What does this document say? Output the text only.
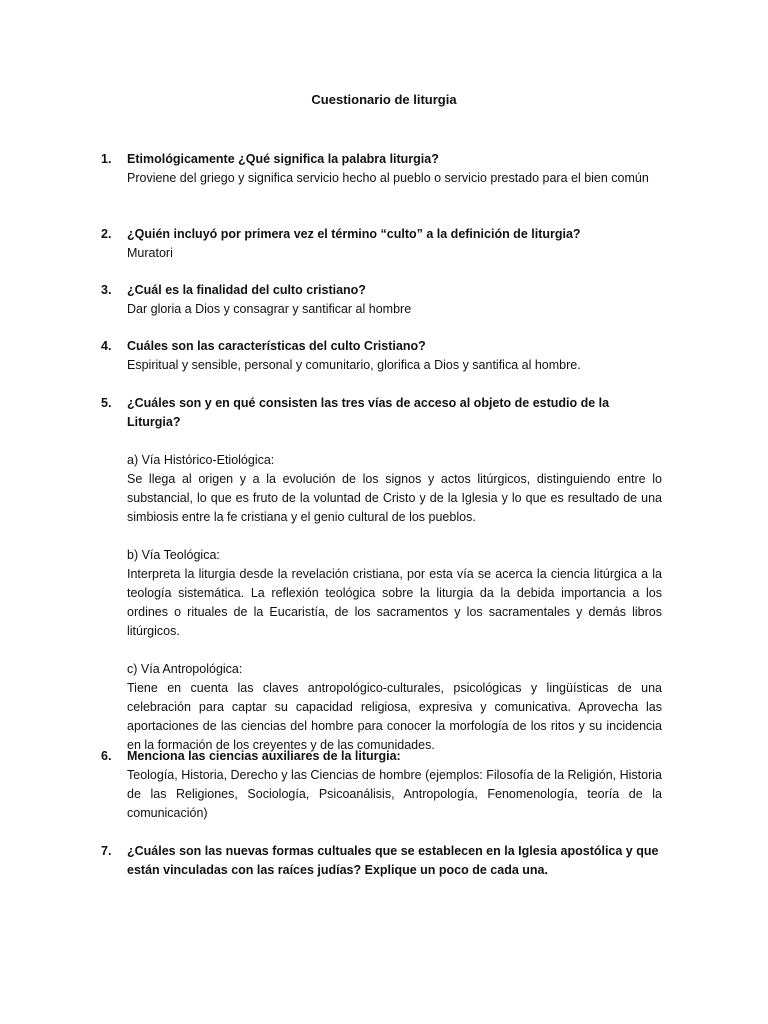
Cuestionario de liturgia
1. Etimológicamente ¿Qué significa la palabra liturgia?
Proviene del griego y significa servicio hecho al pueblo o servicio prestado para el bien común
2. ¿Quién incluyó por primera vez el término “culto” a la definición de liturgia?
Muratori
3. ¿Cuál es la finalidad del culto cristiano?
Dar gloria a Dios y consagrar y santificar al hombre
4. Cuáles son las características del culto Cristiano?
Espiritual y sensible, personal y comunitario, glorifica a Dios y santifica al hombre.
5. ¿Cuáles son y en qué consisten las tres vías de acceso al objeto de estudio de la Liturgia?
a) Vía Histórico-Etiológica:
Se llega al origen y a la evolución de los signos y actos litúrgicos, distinguiendo entre lo substancial, lo que es fruto de la voluntad de Cristo y de la Iglesia y lo que es resultado de una simbiosis entre la fe cristiana y el genio cultural de los pueblos.
b) Vía Teológica:
Interpreta la liturgia desde la revelación cristiana, por esta vía se acerca la ciencia litúrgica a la teología sistemática. La reflexión teológica sobre la liturgia da la debida importancia a los ordines o rituales de la Eucaristía, de los sacramentos y los sacramentales y demás libros litúrgicos.
c) Vía Antropológica:
Tiene en cuenta las claves antropológico-culturales, psicológicas y lingüísticas de una celebración para captar su capacidad religiosa, expresiva y comunicativa. Aprovecha las aportaciones de las ciencias del hombre para conocer la morfología de los ritos y su incidencia en la formación de los creyentes y de las comunidades.
6. Menciona las ciencias auxiliares de la liturgia:
Teología, Historia, Derecho y las Ciencias de hombre (ejemplos: Filosofía de la Religión, Historia de las Religiones, Sociología, Psicoanálisis, Antropología, Fenomenología, teoría de la comunicación)
7. ¿Cuáles son las nuevas formas cultuales que se establecen en la Iglesia apostólica y que están vinculadas con las raíces judías? Explique un poco de cada una.
